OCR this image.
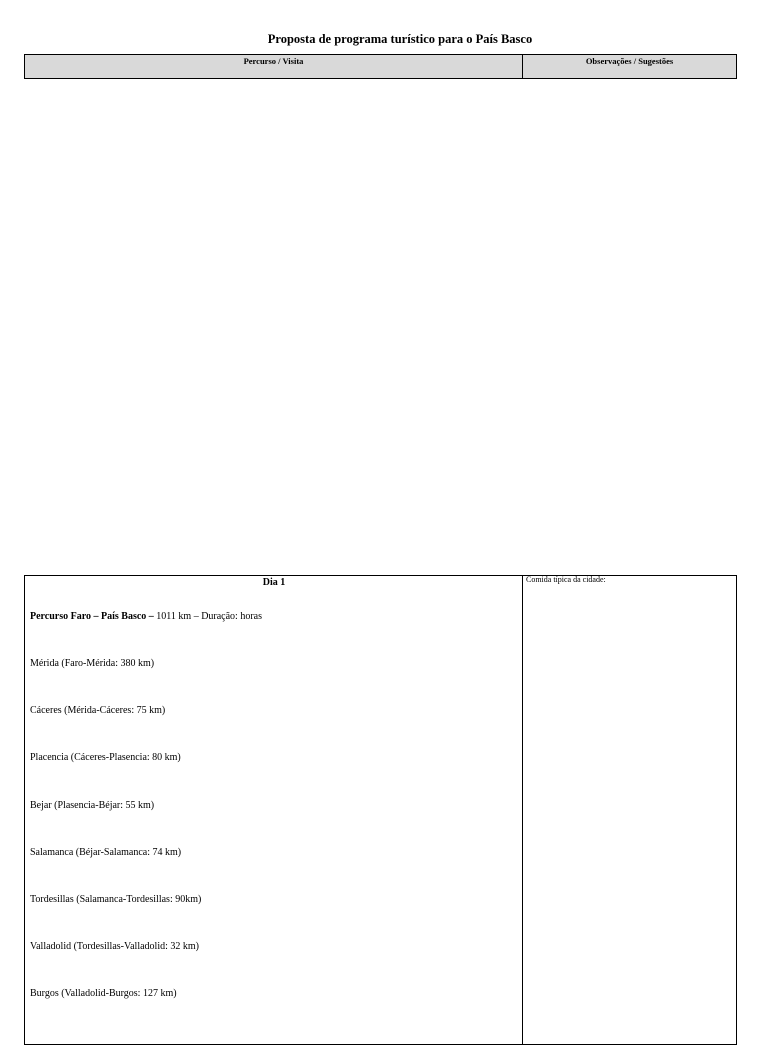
Proposta de programa turístico para o País Basco
Percurso / Visita	Observações / Sugestões
Dia 1
Percurso Faro – País Basco – 1011 km – Duração: horas
Mérida (Faro-Mérida: 380 km)
Cáceres (Mérida-Cáceres: 75 km)
Placencia (Cáceres-Plasencia: 80 km)
Bejar (Plasencia-Béjar: 55 km)
Salamanca (Béjar-Salamanca: 74 km)
Tordesillas (Salamanca-Tordesillas: 90km)
Valladolid (Tordesillas-Valladolid: 32 km)
Burgos (Valladolid-Burgos: 127 km)
Comida típica da cidade:
